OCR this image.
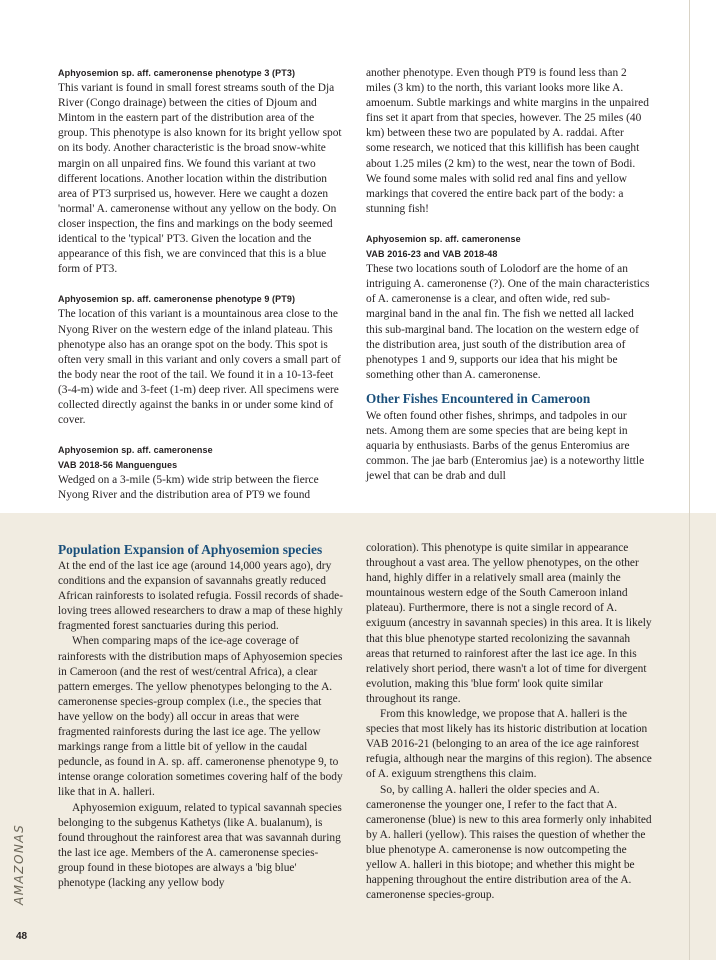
Aphyosemion sp. aff. cameronense phenotype 3 (PT3)

This variant is found in small forest streams south of the Dja River (Congo drainage) between the cities of Djoum and Mintom in the eastern part of the distribution area of the group. This phenotype is also known for its bright yellow spot on its body. Another characteristic is the broad snow-white margin on all unpaired fins. We found this variant at two different locations. Another location within the distribution area of PT3 surprised us, however. Here we caught a dozen 'normal' A. cameronense without any yellow on the body. On closer inspection, the fins and markings on the body seemed identical to the 'typical' PT3. Given the location and the appearance of this fish, we are convinced that this is a blue form of PT3.

Aphyosemion sp. aff. cameronense phenotype 9 (PT9)

The location of this variant is a mountainous area close to the Nyong River on the western edge of the inland plateau. This phenotype also has an orange spot on the body. This spot is often very small in this variant and only covers a small part of the body near the root of the tail. We found it in a 10-13-feet (3-4-m) wide and 3-feet (1-m) deep river. All specimens were collected directly against the banks in or under some kind of cover.

Aphyosemion sp. aff. cameronense
VAB 2018-56 Manguengues

Wedged on a 3-mile (5-km) wide strip between the fierce Nyong River and the distribution area of PT9 we found

another phenotype. Even though PT9 is found less than 2 miles (3 km) to the north, this variant looks more like A. amoenum. Subtle markings and white margins in the unpaired fins set it apart from that species, however. The 25 miles (40 km) between these two are populated by A. raddai. After some research, we noticed that this killifish has been caught about 1.25 miles (2 km) to the west, near the town of Bodi. We found some males with solid red anal fins and yellow markings that covered the entire back part of the body: a stunning fish!

Aphyosemion sp. aff. cameronense
VAB 2016-23 and VAB 2018-48

These two locations south of Lolodorf are the home of an intriguing A. cameronense (?). One of the main characteristics of A. cameronense is a clear, and often wide, red sub-marginal band in the anal fin. The fish we netted all lacked this sub-marginal band. The location on the western edge of the distribution area, just south of the distribution area of phenotypes 1 and 9, supports our idea that his might be something other than A. cameronense.

Other Fishes Encountered in Cameroon

We often found other fishes, shrimps, and tadpoles in our nets. Among them are some species that are being kept in aquaria by enthusiasts. Barbs of the genus Enteromius are common. The jae barb (Enteromius jae) is a noteworthy little jewel that can be drab and dull

Population Expansion of Aphyosemion species

At the end of the last ice age (around 14,000 years ago), dry conditions and the expansion of savannahs greatly reduced African rainforests to isolated refugia. Fossil records of shade-loving trees allowed researchers to draw a map of these highly fragmented forest sanctuaries during this period.

When comparing maps of the ice-age coverage of rainforests with the distribution maps of Aphyosemion species in Cameroon (and the rest of west/central Africa), a clear pattern emerges. The yellow phenotypes belonging to the A. cameronense species-group complex (i.e., the species that have yellow on the body) all occur in areas that were fragmented rainforests during the last ice age. The yellow markings range from a little bit of yellow in the caudal peduncle, as found in A. sp. aff. cameronense phenotype 9, to intense orange coloration sometimes covering half of the body like that in A. halleri.

Aphyosemion exiguum, related to typical savannah species belonging to the subgenus Kathetys (like A. bualanum), is found throughout the rainforest area that was savannah during the last ice age. Members of the A. cameronense species-group found in these biotopes are always a 'big blue' phenotype (lacking any yellow body

coloration). This phenotype is quite similar in appearance throughout a vast area. The yellow phenotypes, on the other hand, highly differ in a relatively small area (mainly the mountainous western edge of the South Cameroon inland plateau). Furthermore, there is not a single record of A. exiguum (ancestry in savannah species) in this area. It is likely that this blue phenotype started recolonizing the savannah areas that returned to rainforest after the last ice age. In this relatively short period, there wasn't a lot of time for divergent evolution, making this 'blue form' look quite similar throughout its range.

From this knowledge, we propose that A. halleri is the species that most likely has its historic distribution at location VAB 2016-21 (belonging to an area of the ice age rainforest refugia, although near the margins of this region). The absence of A. exiguum strengthens this claim.

So, by calling A. halleri the older species and A. cameronense the younger one, I refer to the fact that A. cameronense (blue) is new to this area formerly only inhabited by A. halleri (yellow). This raises the question of whether the blue phenotype A. cameronense is now outcompeting the yellow A. halleri in this biotope; and whether this might be happening throughout the entire distribution area of the A. cameronense species-group.

AMAZONAS
48
